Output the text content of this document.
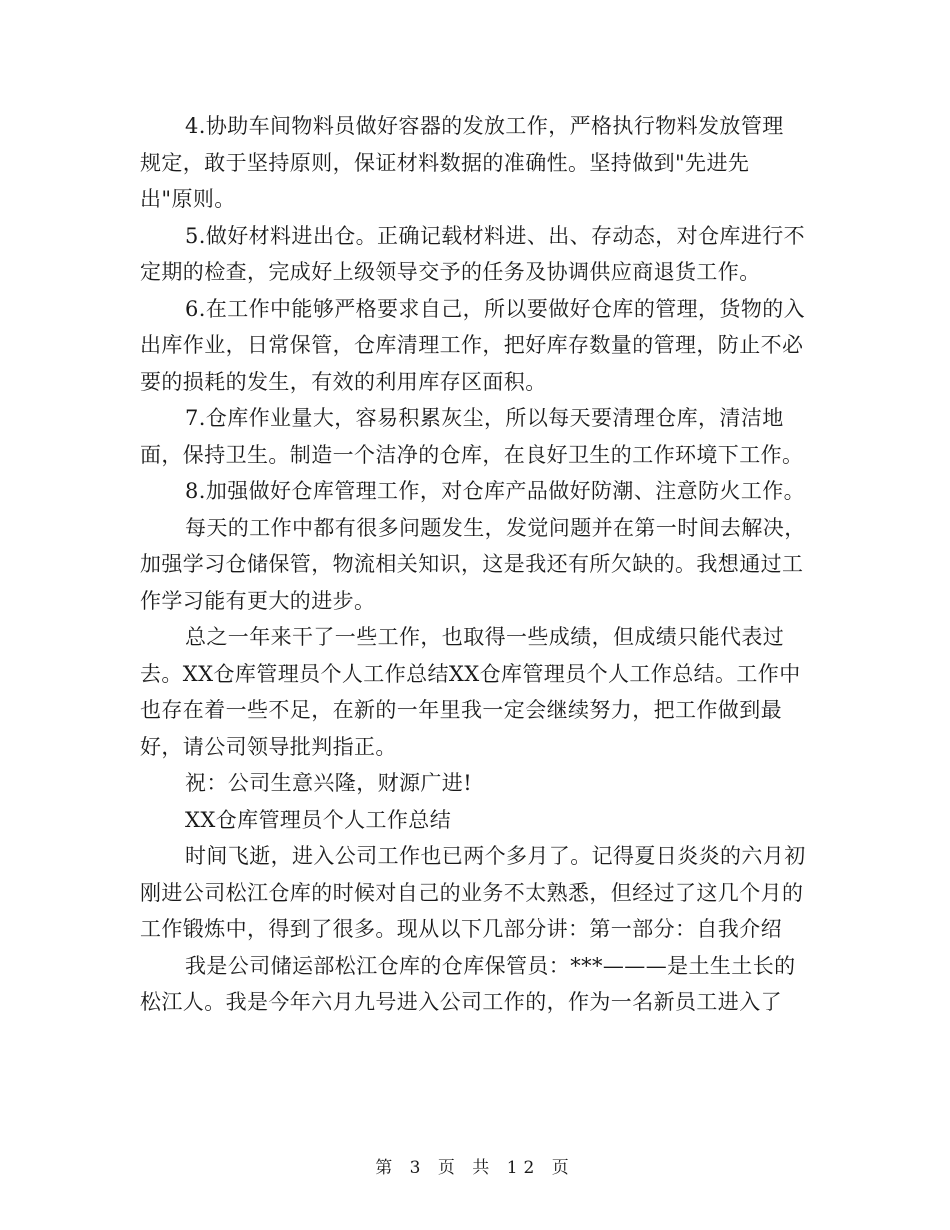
4.协助车间物料员做好容器的发放工作，严格执行物料发放管理
规定，敢于坚持原则，保证材料数据的准确性。坚持做到"先进先
出"原则。

5.做好材料进出仓。正确记载材料进、出、存动态，对仓库进行不定期的检查，完成好上级领导交予的任务及协调供应商退货工作。

6.在工作中能够严格要求自己，所以要做好仓库的管理，货物的入出库作业，日常保管，仓库清理工作，把好库存数量的管理，防止不必要的损耗的发生，有效的利用库存区面积。

7.仓库作业量大，容易积累灰尘，所以每天要清理仓库，清洁地面，保持卫生。制造一个洁净的仓库，在良好卫生的工作环境下工作。

8.加强做好仓库管理工作，对仓库产品做好防潮、注意防火工作。

每天的工作中都有很多问题发生，发觉问题并在第一时间去解决，加强学习仓储保管，物流相关知识，这是我还有所欠缺的。我想通过工作学习能有更大的进步。

总之一年来干了一些工作，也取得一些成绩，但成绩只能代表过去。XX仓库管理员个人工作总结XX仓库管理员个人工作总结。工作中也存在着一些不足，在新的一年里我一定会继续努力，把工作做到最好，请公司领导批判指正。

祝：公司生意兴隆，财源广进!

XX仓库管理员个人工作总结

时间飞逝，进入公司工作也已两个多月了。记得夏日炎炎的六月初刚进公司松江仓库的时候对自己的业务不太熟悉，但经过了这几个月的工作锻炼中，得到了很多。现从以下几部分讲：第一部分：自我介绍

我是公司储运部松江仓库的仓库保管员：***———是土生土长的松江人。我是今年六月九号进入公司工作的，作为一名新员工进入了

第 3 页 共 12 页
